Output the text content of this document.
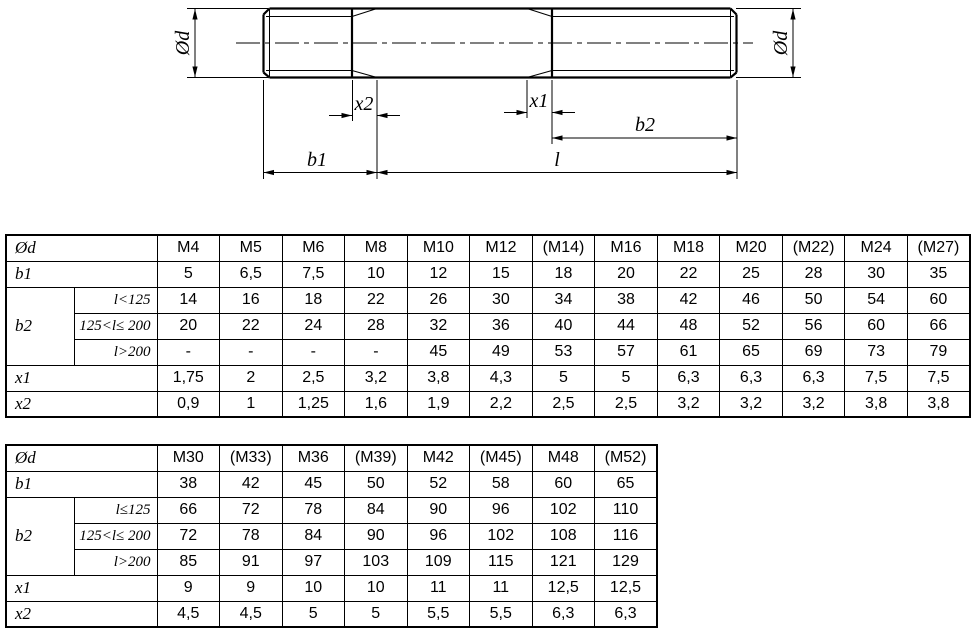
Ød	Ød
x2	x1
b2
b1	l
Ød		M4	M5	M6	M8	M10	M12	(M14)	M16	M18	M20	(M22)	M24	(M27)
b1		5	6,5	7,5	10	12	15	18	20	22	25	28	30	35
b2	l<125	14	16	18	22	26	30	34	38	42	46	50	54	60
	125<l≤ 200	20	22	24	28	32	36	40	44	48	52	56	60	66
	l>200	-	-	-	-	45	49	53	57	61	65	69	73	79
x1		1,75	2	2,5	3,2	3,8	4,3	5	5	6,3	6,3	6,3	7,5	7,5
x2		0,9	1	1,25	1,6	1,9	2,2	2,5	2,5	3,2	3,2	3,2	3,8	3,8
Ød		M30	(M33)	M36	(M39)	M42	(M45)	M48	(M52)
b1		38	42	45	50	52	58	60	65
b2	l≤125	66	72	78	84	90	96	102	110
	125<l≤ 200	72	78	84	90	96	102	108	116
	l>200	85	91	97	103	109	115	121	129
x1		9	9	10	10	11	11	12,5	12,5
x2		4,5	4,5	5	5	5,5	5,5	6,3	6,3
